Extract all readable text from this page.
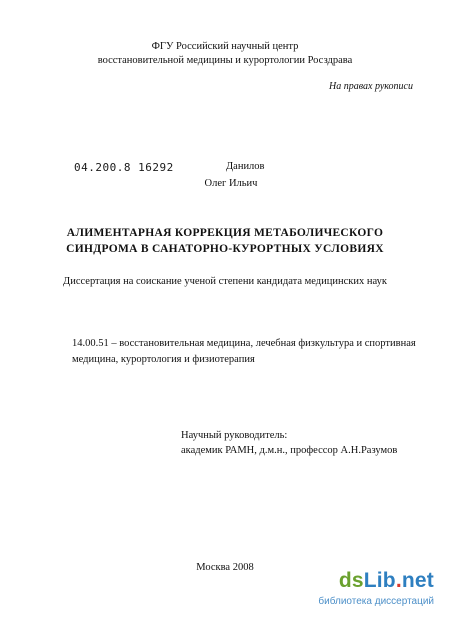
ФГУ Российский научный центр
восстановительной медицины и курортологии Росздрава
На правах рукописи
04.200.8 16292	Данилов
Олег Ильич
АЛИМЕНТАРНАЯ КОРРЕКЦИЯ МЕТАБОЛИЧЕСКОГО
СИНДРОМА В САНАТОРНО-КУРОРТНЫХ УСЛОВИЯХ
Диссертация на соискание ученой степени кандидата медицинских наук
14.00.51 – восстановительная медицина, лечебная физкультура и спортивная
медицина, курортология и физиотерапия
Научный руководитель:
академик РАМН, д.м.н., профессор А.Н.Разумов
Москва 2008
dsLib.net
библиотека диссертаций
